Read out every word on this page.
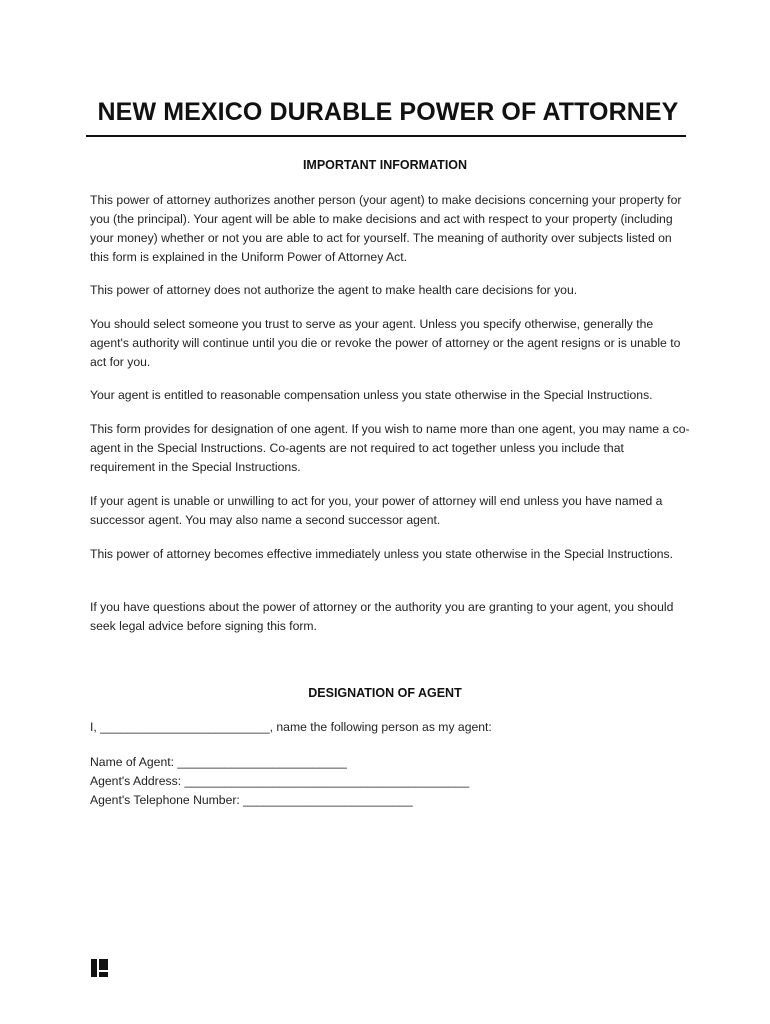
NEW MEXICO DURABLE POWER OF ATTORNEY
IMPORTANT INFORMATION

This power of attorney authorizes another person (your agent) to make decisions concerning your property for you (the principal). Your agent will be able to make decisions and act with respect to your property (including your money) whether or not you are able to act for yourself. The meaning of authority over subjects listed on this form is explained in the Uniform Power of Attorney Act.

This power of attorney does not authorize the agent to make health care decisions for you.

You should select someone you trust to serve as your agent. Unless you specify otherwise, generally the agent's authority will continue until you die or revoke the power of attorney or the agent resigns or is unable to act for you.

Your agent is entitled to reasonable compensation unless you state otherwise in the Special Instructions.

This form provides for designation of one agent. If you wish to name more than one agent, you may name a co-agent in the Special Instructions. Co-agents are not required to act together unless you include that requirement in the Special Instructions.

If your agent is unable or unwilling to act for you, your power of attorney will end unless you have named a successor agent. You may also name a second successor agent.

This power of attorney becomes effective immediately unless you state otherwise in the Special Instructions.

If you have questions about the power of attorney or the authority you are granting to your agent, you should seek legal advice before signing this form.

DESIGNATION OF AGENT
I, _________________________, name the following person as my agent:
Name of Agent: _________________________
Agent's Address: __________________________________________
Agent's Telephone Number: _________________________
